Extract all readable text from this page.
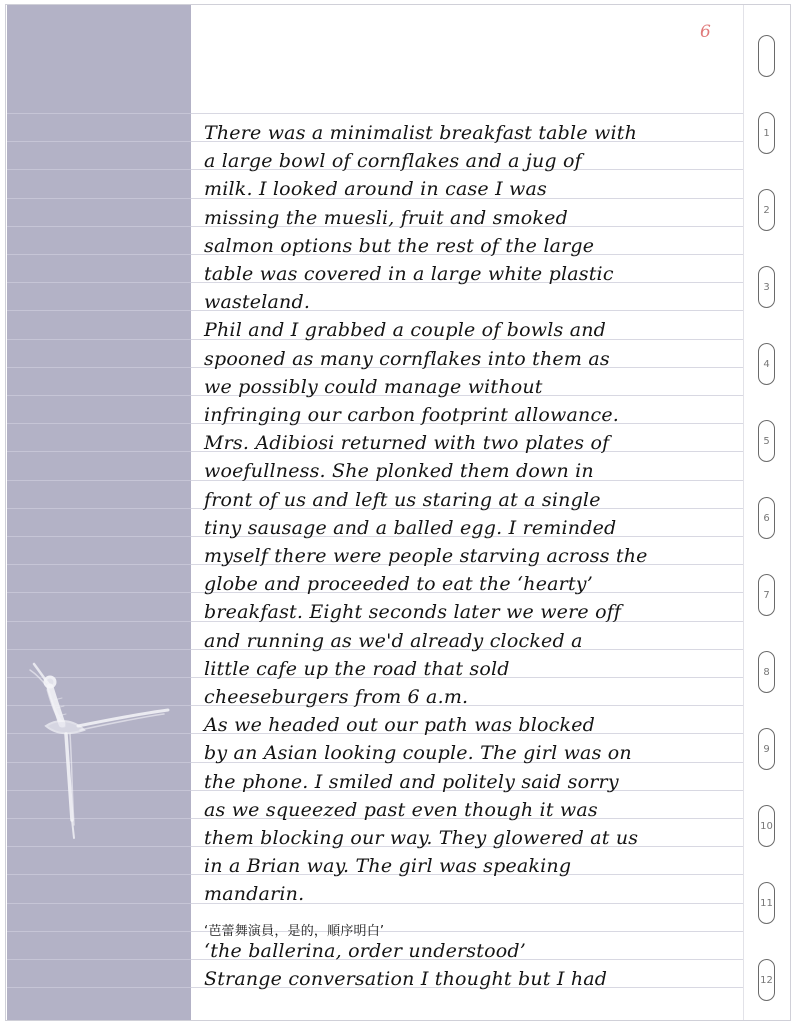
1
2
3
4
5
6
7
8
9
10
11
12
6
There was a minimalist breakfast table with
a large bowl of cornflakes and a jug of
milk. I looked around in case I was
missing the muesli, fruit and smoked
salmon options but the rest of the large
table was covered in a large white plastic
wasteland.
Phil and I grabbed a couple of bowls and
spooned as many cornflakes into them as
we possibly could manage without
infringing our carbon footprint allowance.
Mrs. Adibiosi returned with two plates of
woefullness. She plonked them down in
front of us and left us staring at a single
tiny sausage and a balled egg. I reminded
myself there were people starving across the
globe and proceeded to eat the ‘hearty’
breakfast. Eight seconds later we were off
and running as we'd already clocked a
little cafe up the road that sold
cheeseburgers from 6 a.m.
As we headed out our path was blocked
by an Asian looking couple. The girl was on
the phone. I smiled and politely said sorry
as we squeezed past even though it was
them blocking our way. They glowered at us
in a Brian way. The girl was speaking
mandarin.
‘芭蕾舞演員，是的，順序明白’
‘the ballerina, order understood’
Strange conversation I thought but I had
